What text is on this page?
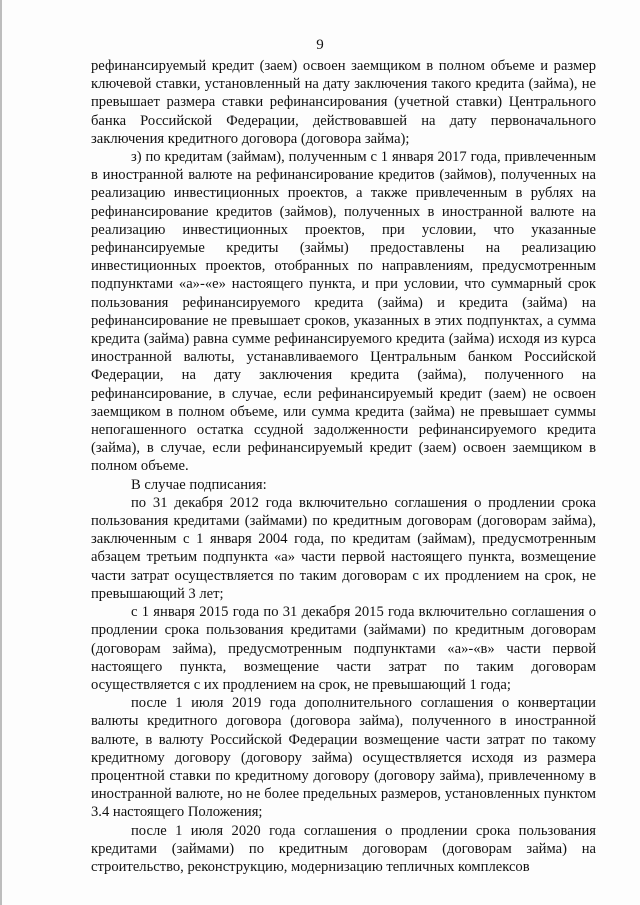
9

рефинансируемый кредит (заем) освоен заемщиком в полном объеме и размер ключевой ставки, установленный на дату заключения такого кредита (займа), не превышает размера ставки рефинансирования (учетной ставки) Центрального банка Российской Федерации, действовавшей на дату первоначального заключения кредитного договора (договора займа);

з) по кредитам (займам), полученным с 1 января 2017 года, привлеченным в иностранной валюте на рефинансирование кредитов (займов), полученных на реализацию инвестиционных проектов, а также привлеченным в рублях на рефинансирование кредитов (займов), полученных в иностранной валюте на реализацию инвестиционных проектов, при условии, что указанные рефинансируемые кредиты (займы) предоставлены на реализацию инвестиционных проектов, отобранных по направлениям, предусмотренным подпунктами «а»-«е» настоящего пункта, и при условии, что суммарный срок пользования рефинансируемого кредита (займа) и кредита (займа) на рефинансирование не превышает сроков, указанных в этих подпунктах, а сумма кредита (займа) равна сумме рефинансируемого кредита (займа) исходя из курса иностранной валюты, устанавливаемого Центральным банком Российской Федерации, на дату заключения кредита (займа), полученного на рефинансирование, в случае, если рефинансируемый кредит (заем) не освоен заемщиком в полном объеме, или сумма кредита (займа) не превышает суммы непогашенного остатка ссудной задолженности рефинансируемого кредита (займа), в случае, если рефинансируемый кредит (заем) освоен заемщиком в полном объеме.

В случае подписания:

по 31 декабря 2012 года включительно соглашения о продлении срока пользования кредитами (займами) по кредитным договорам (договорам займа), заключенным с 1 января 2004 года, по кредитам (займам), предусмотренным абзацем третьим подпункта «а» части первой настоящего пункта, возмещение части затрат осуществляется по таким договорам с их продлением на срок, не превышающий 3 лет;

с 1 января 2015 года по 31 декабря 2015 года включительно соглашения о продлении срока пользования кредитами (займами) по кредитным договорам (договорам займа), предусмотренным подпунктами «а»-«в» части первой настоящего пункта, возмещение части затрат по таким договорам осуществляется с их продлением на срок, не превышающий 1 года;

после 1 июля 2019 года дополнительного соглашения о конвертации валюты кредитного договора (договора займа), полученного в иностранной валюте, в валюту Российской Федерации возмещение части затрат по такому кредитному договору (договору займа) осуществляется исходя из размера процентной ставки по кредитному договору (договору займа), привлеченному в иностранной валюте, но не более предельных размеров, установленных пунктом 3.4 настоящего Положения;

после 1 июля 2020 года соглашения о продлении срока пользования кредитами (займами) по кредитным договорам (договорам займа) на строительство, реконструкцию, модернизацию тепличных комплексов
